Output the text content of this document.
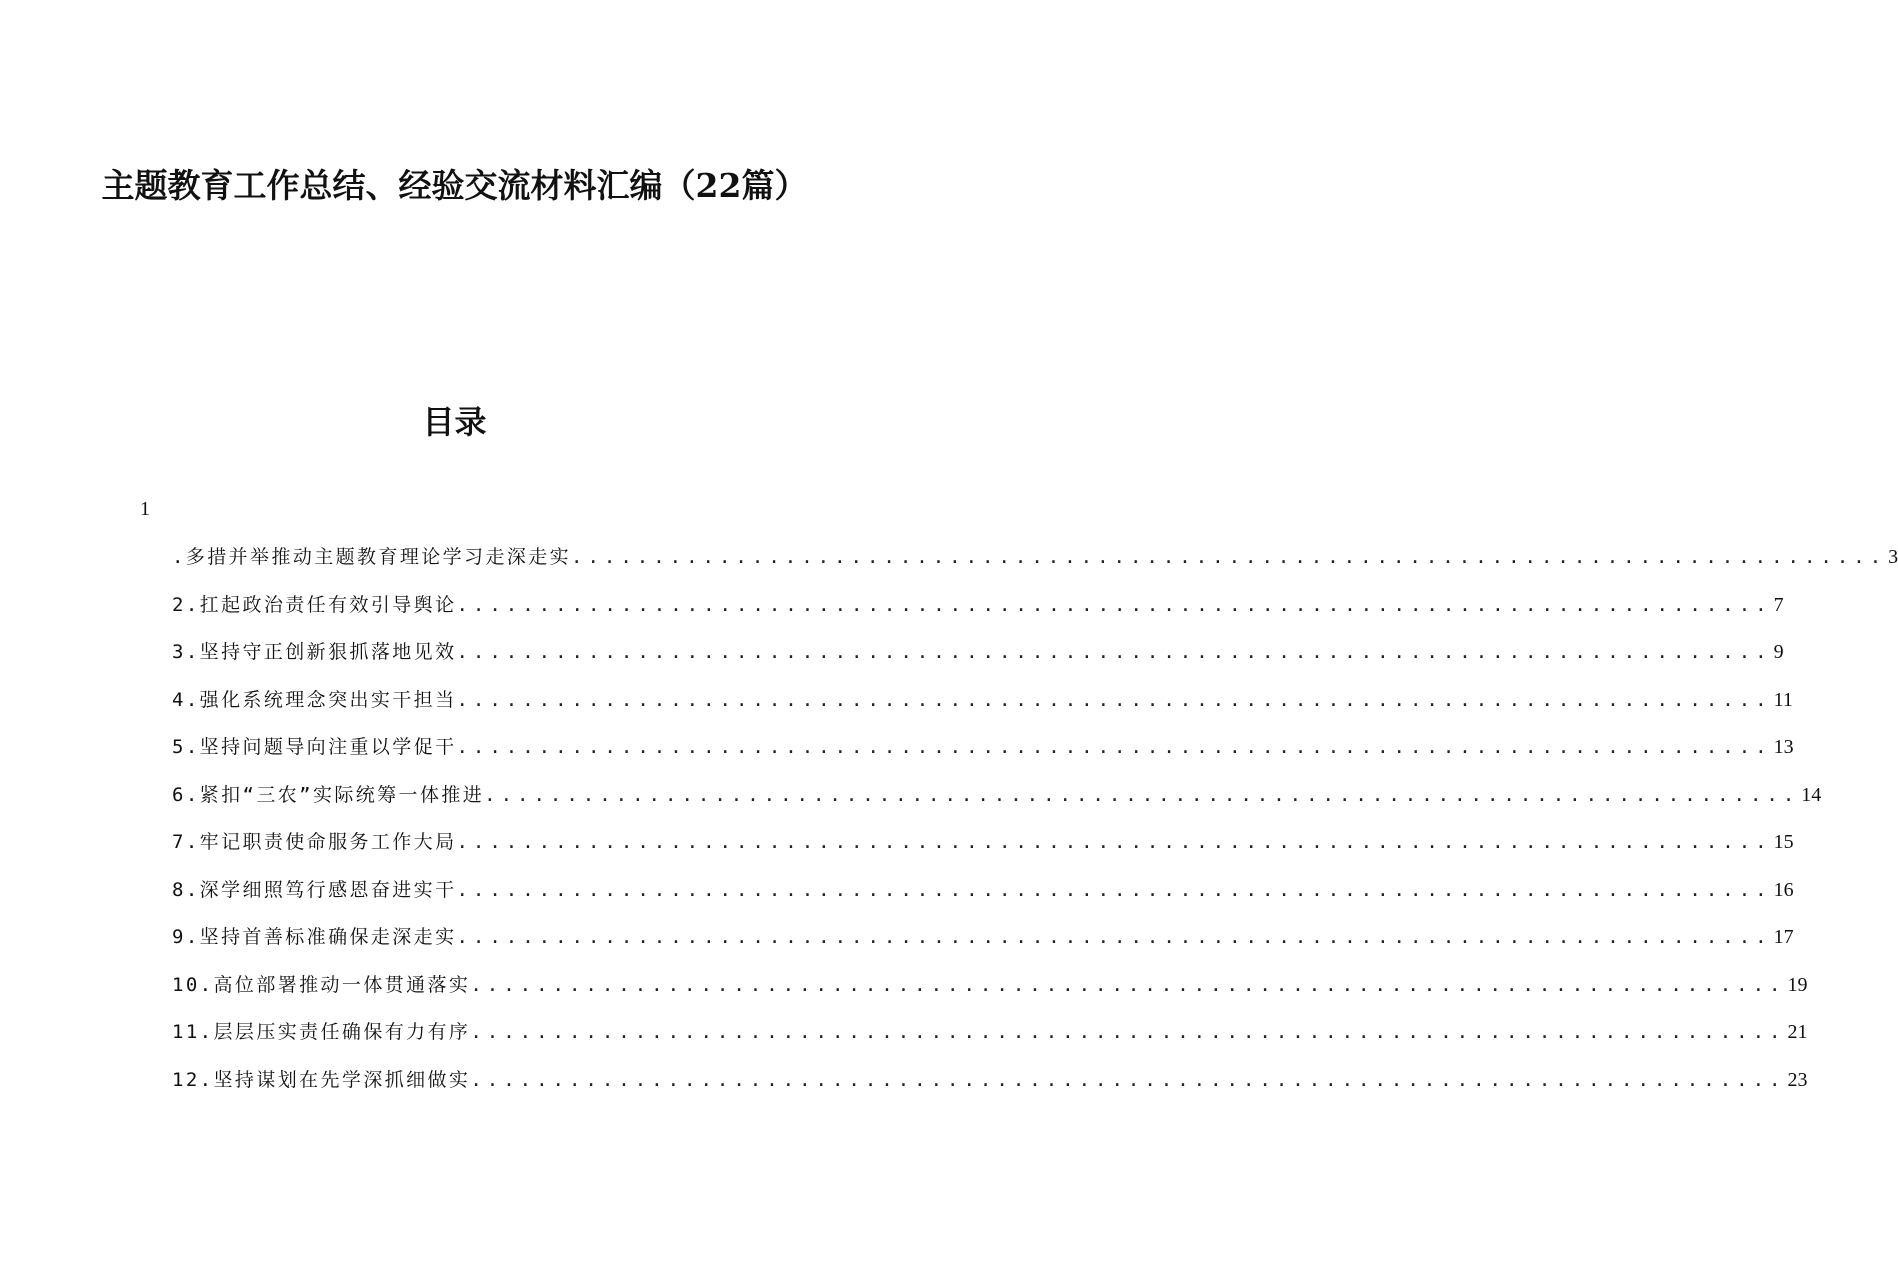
主题教育工作总结、经验交流材料汇编（22篇）
目录
1
.多措并举推动主题教育理论学习走深走实 ................................................................................ 3
2.扛起政治责任有效引导舆论 ................................................................................ 7
3.坚持守正创新狠抓落地见效 ................................................................................ 9
4.强化系统理念突出实干担当 ................................................................................ 11
5.坚持问题导向注重以学促干 ................................................................................ 13
6.紧扣“三农”实际统筹一体推进 ................................................................................ 14
7.牢记职责使命服务工作大局 ................................................................................ 15
8.深学细照笃行感恩奋进实干 ................................................................................ 16
9.坚持首善标准确保走深走实 ................................................................................ 17
10.高位部署推动一体贯通落实 ................................................................................ 19
11.层层压实责任确保有力有序 ................................................................................ 21
12.坚持谋划在先学深抓细做实 ................................................................................ 23
